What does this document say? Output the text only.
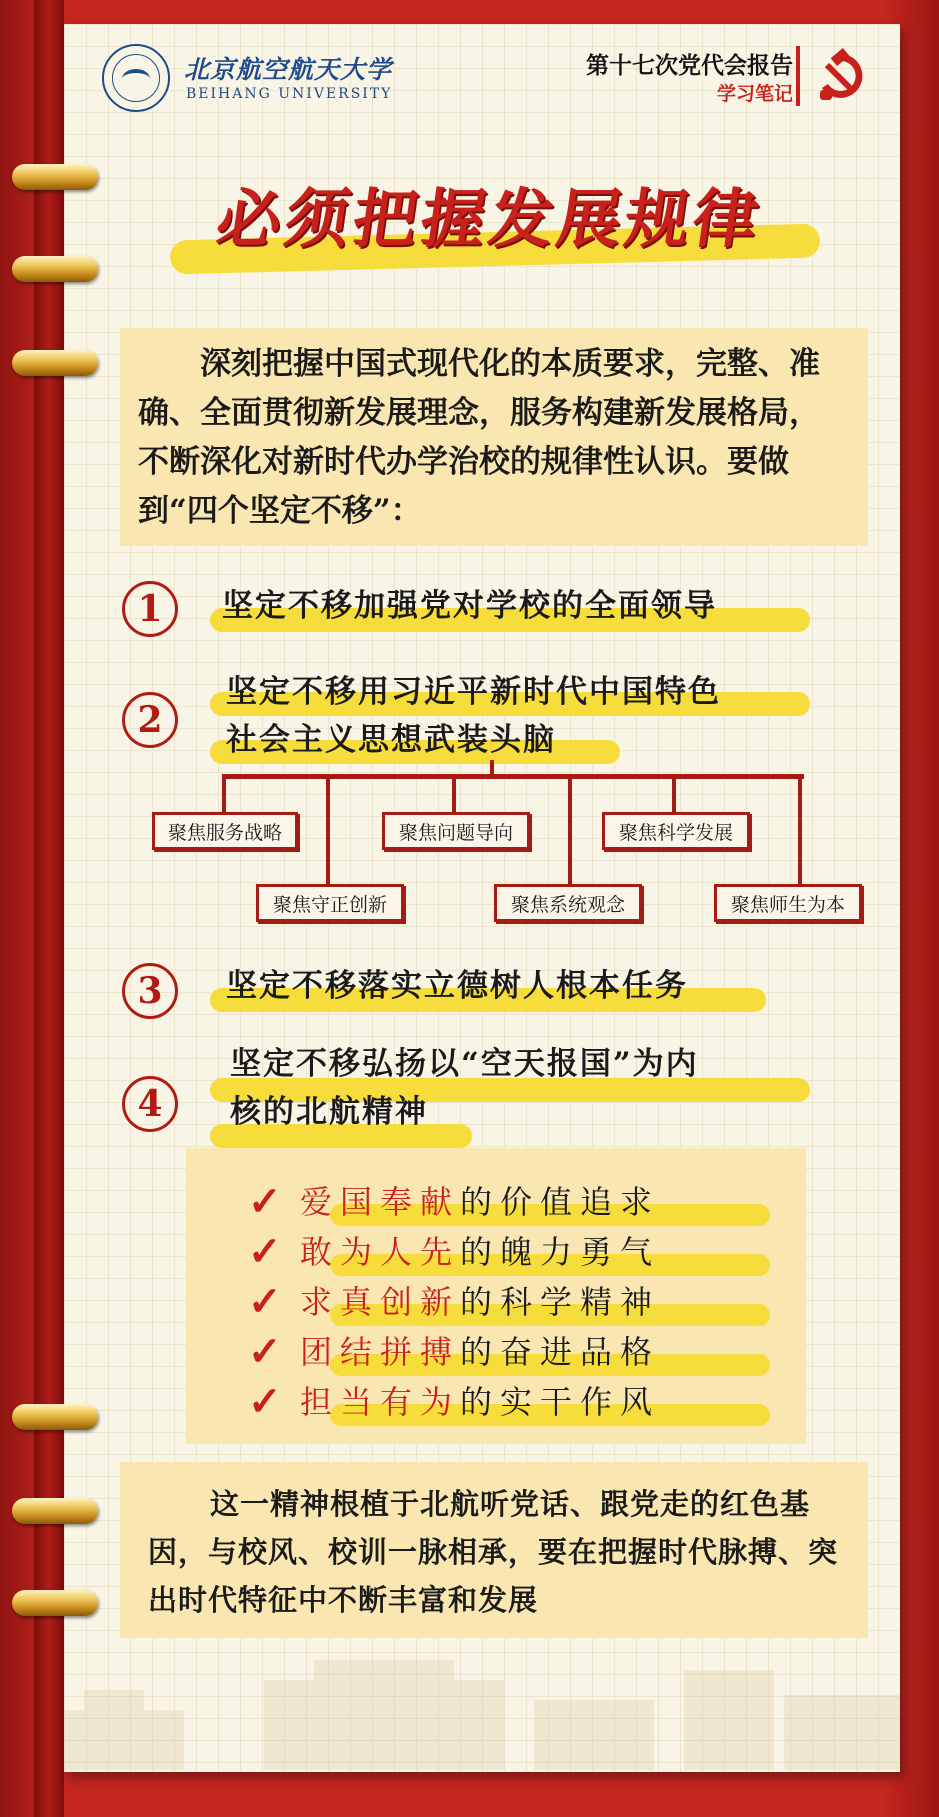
北京航空航天大学
BEIHANG UNIVERSITY
第十七次党代会报告
学习笔记
必须把握发展规律

深刻把握中国式现代化的本质要求，完整、准确、全面贯彻新发展理念，服务构建新发展格局，不断深化对新时代办学治校的规律性认识。要做到“四个坚定不移”：

1	坚定不移加强党对学校的全面领导
2
坚定不移用习近平新时代中国特色
社会主义思想武装头脑
聚焦服务战略
聚焦守正创新
聚焦问题导向
聚焦系统观念
聚焦科学发展
聚焦师生为本
3	坚定不移落实立德树人根本任务
4
坚定不移弘扬以“空天报国”为内
核的北航精神
✓ 爱国奉献的价值追求
✓ 敢为人先的魄力勇气
✓ 求真创新的科学精神
✓ 团结拼搏的奋进品格
✓ 担当有为的实干作风

这一精神根植于北航听党话、跟党走的红色基因，与校风、校训一脉相承，要在把握时代脉搏、突出时代特征中不断丰富和发展
